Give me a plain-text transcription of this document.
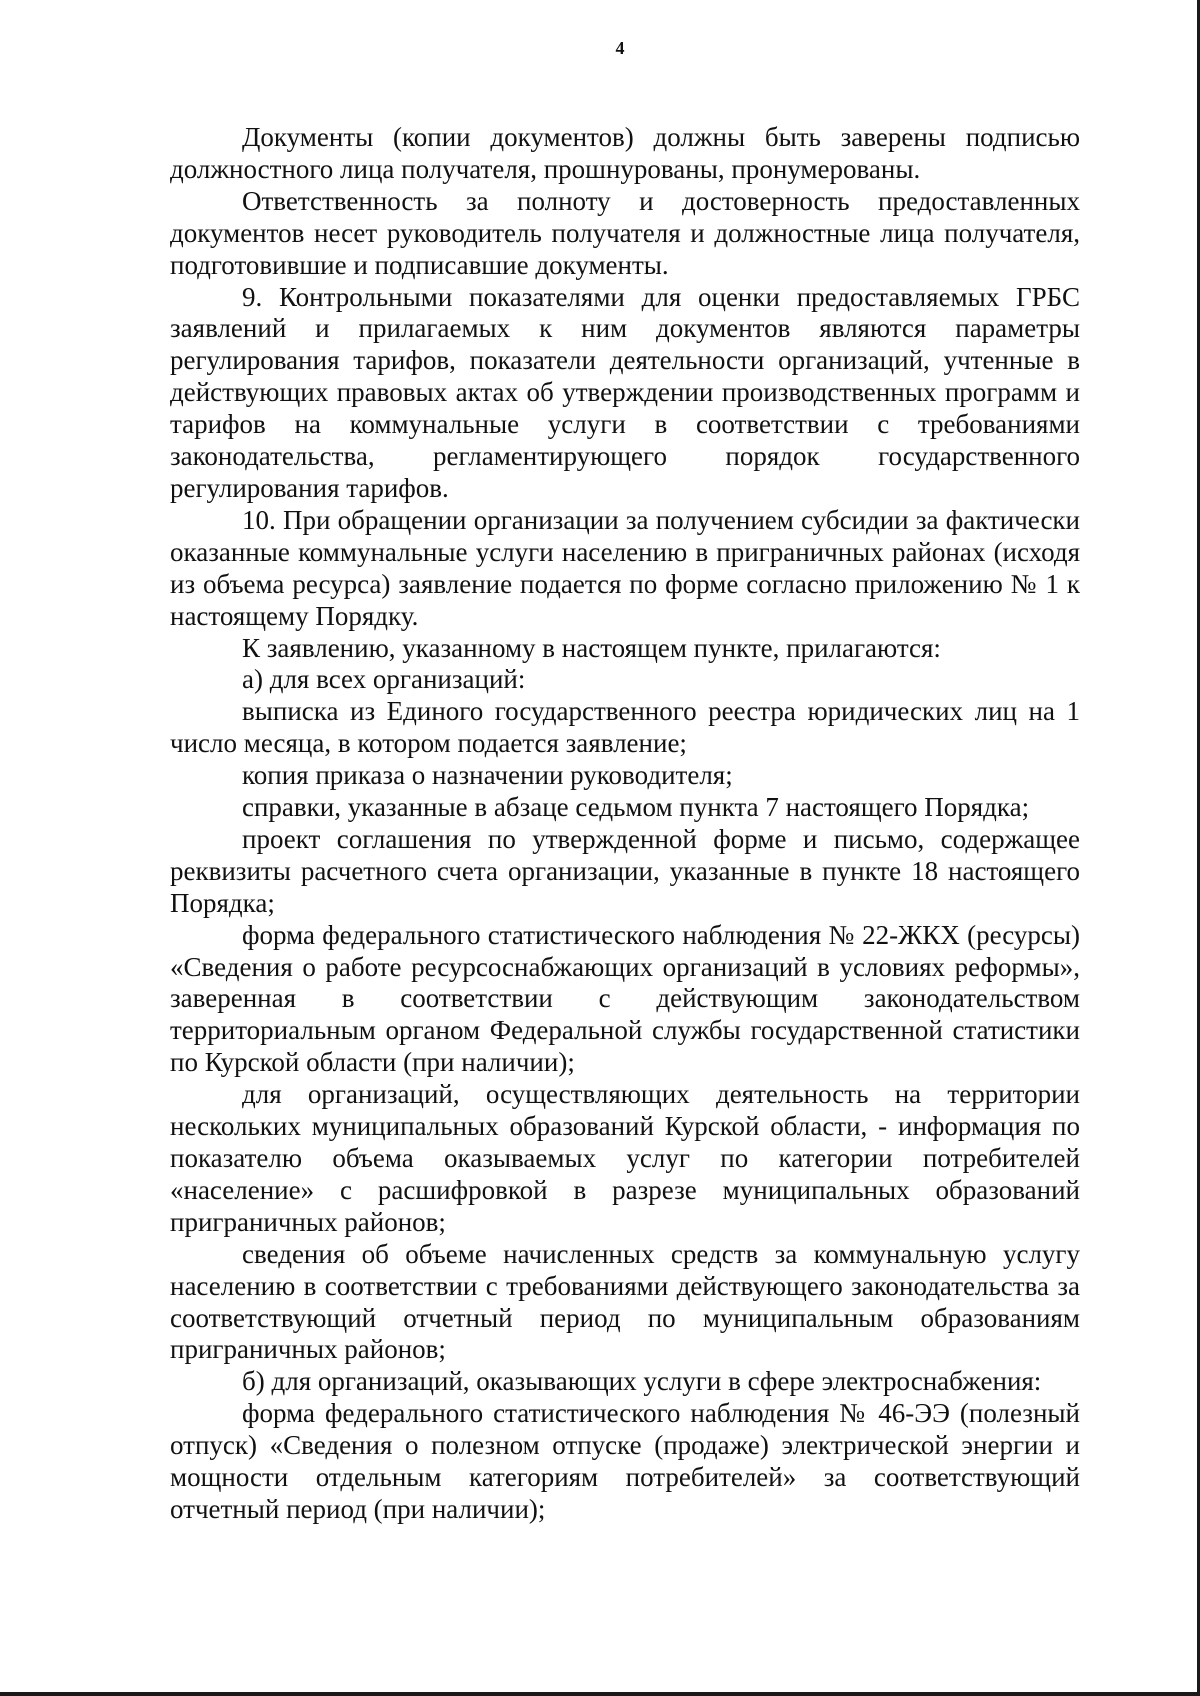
4

Документы (копии документов) должны быть заверены подписью должностного лица получателя, прошнурованы, пронумерованы.

Ответственность за полноту и достоверность предоставленных документов несет руководитель получателя и должностные лица получателя, подготовившие и подписавшие документы.

9. Контрольными показателями для оценки предоставляемых ГРБС заявлений и прилагаемых к ним документов являются параметры регулирования тарифов, показатели деятельности организаций, учтенные в действующих правовых актах об утверждении производственных программ и тарифов на коммунальные услуги в соответствии с требованиями законодательства, регламентирующего порядок государственного регулирования тарифов.

10. При обращении организации за получением субсидии за фактически оказанные коммунальные услуги населению в приграничных районах (исходя из объема ресурса) заявление подается по форме согласно приложению № 1 к настоящему Порядку.

К заявлению, указанному в настоящем пункте, прилагаются:

а) для всех организаций:

выписка из Единого государственного реестра юридических лиц на 1 число месяца, в котором подается заявление;

копия приказа о назначении руководителя;

справки, указанные в абзаце седьмом пункта 7 настоящего Порядка;

проект соглашения по утвержденной форме и письмо, содержащее реквизиты расчетного счета организации, указанные в пункте 18 настоящего Порядка;

форма федерального статистического наблюдения № 22-ЖКХ (ресурсы) «Сведения о работе ресурсоснабжающих организаций в условиях реформы», заверенная в соответствии с действующим законодательством территориальным органом Федеральной службы государственной статистики по Курской области (при наличии);

для организаций, осуществляющих деятельность на территории нескольких муниципальных образований Курской области, - информация по показателю объема оказываемых услуг по категории потребителей «население» с расшифровкой в разрезе муниципальных образований приграничных районов;

сведения об объеме начисленных средств за коммунальную услугу населению в соответствии с требованиями действующего законодательства за соответствующий отчетный период по муниципальным образованиям приграничных районов;

б) для организаций, оказывающих услуги в сфере электроснабжения:

форма федерального статистического наблюдения № 46-ЭЭ (полезный отпуск) «Сведения о полезном отпуске (продаже) электрической энергии и мощности отдельным категориям потребителей» за соответствующий отчетный период (при наличии);
